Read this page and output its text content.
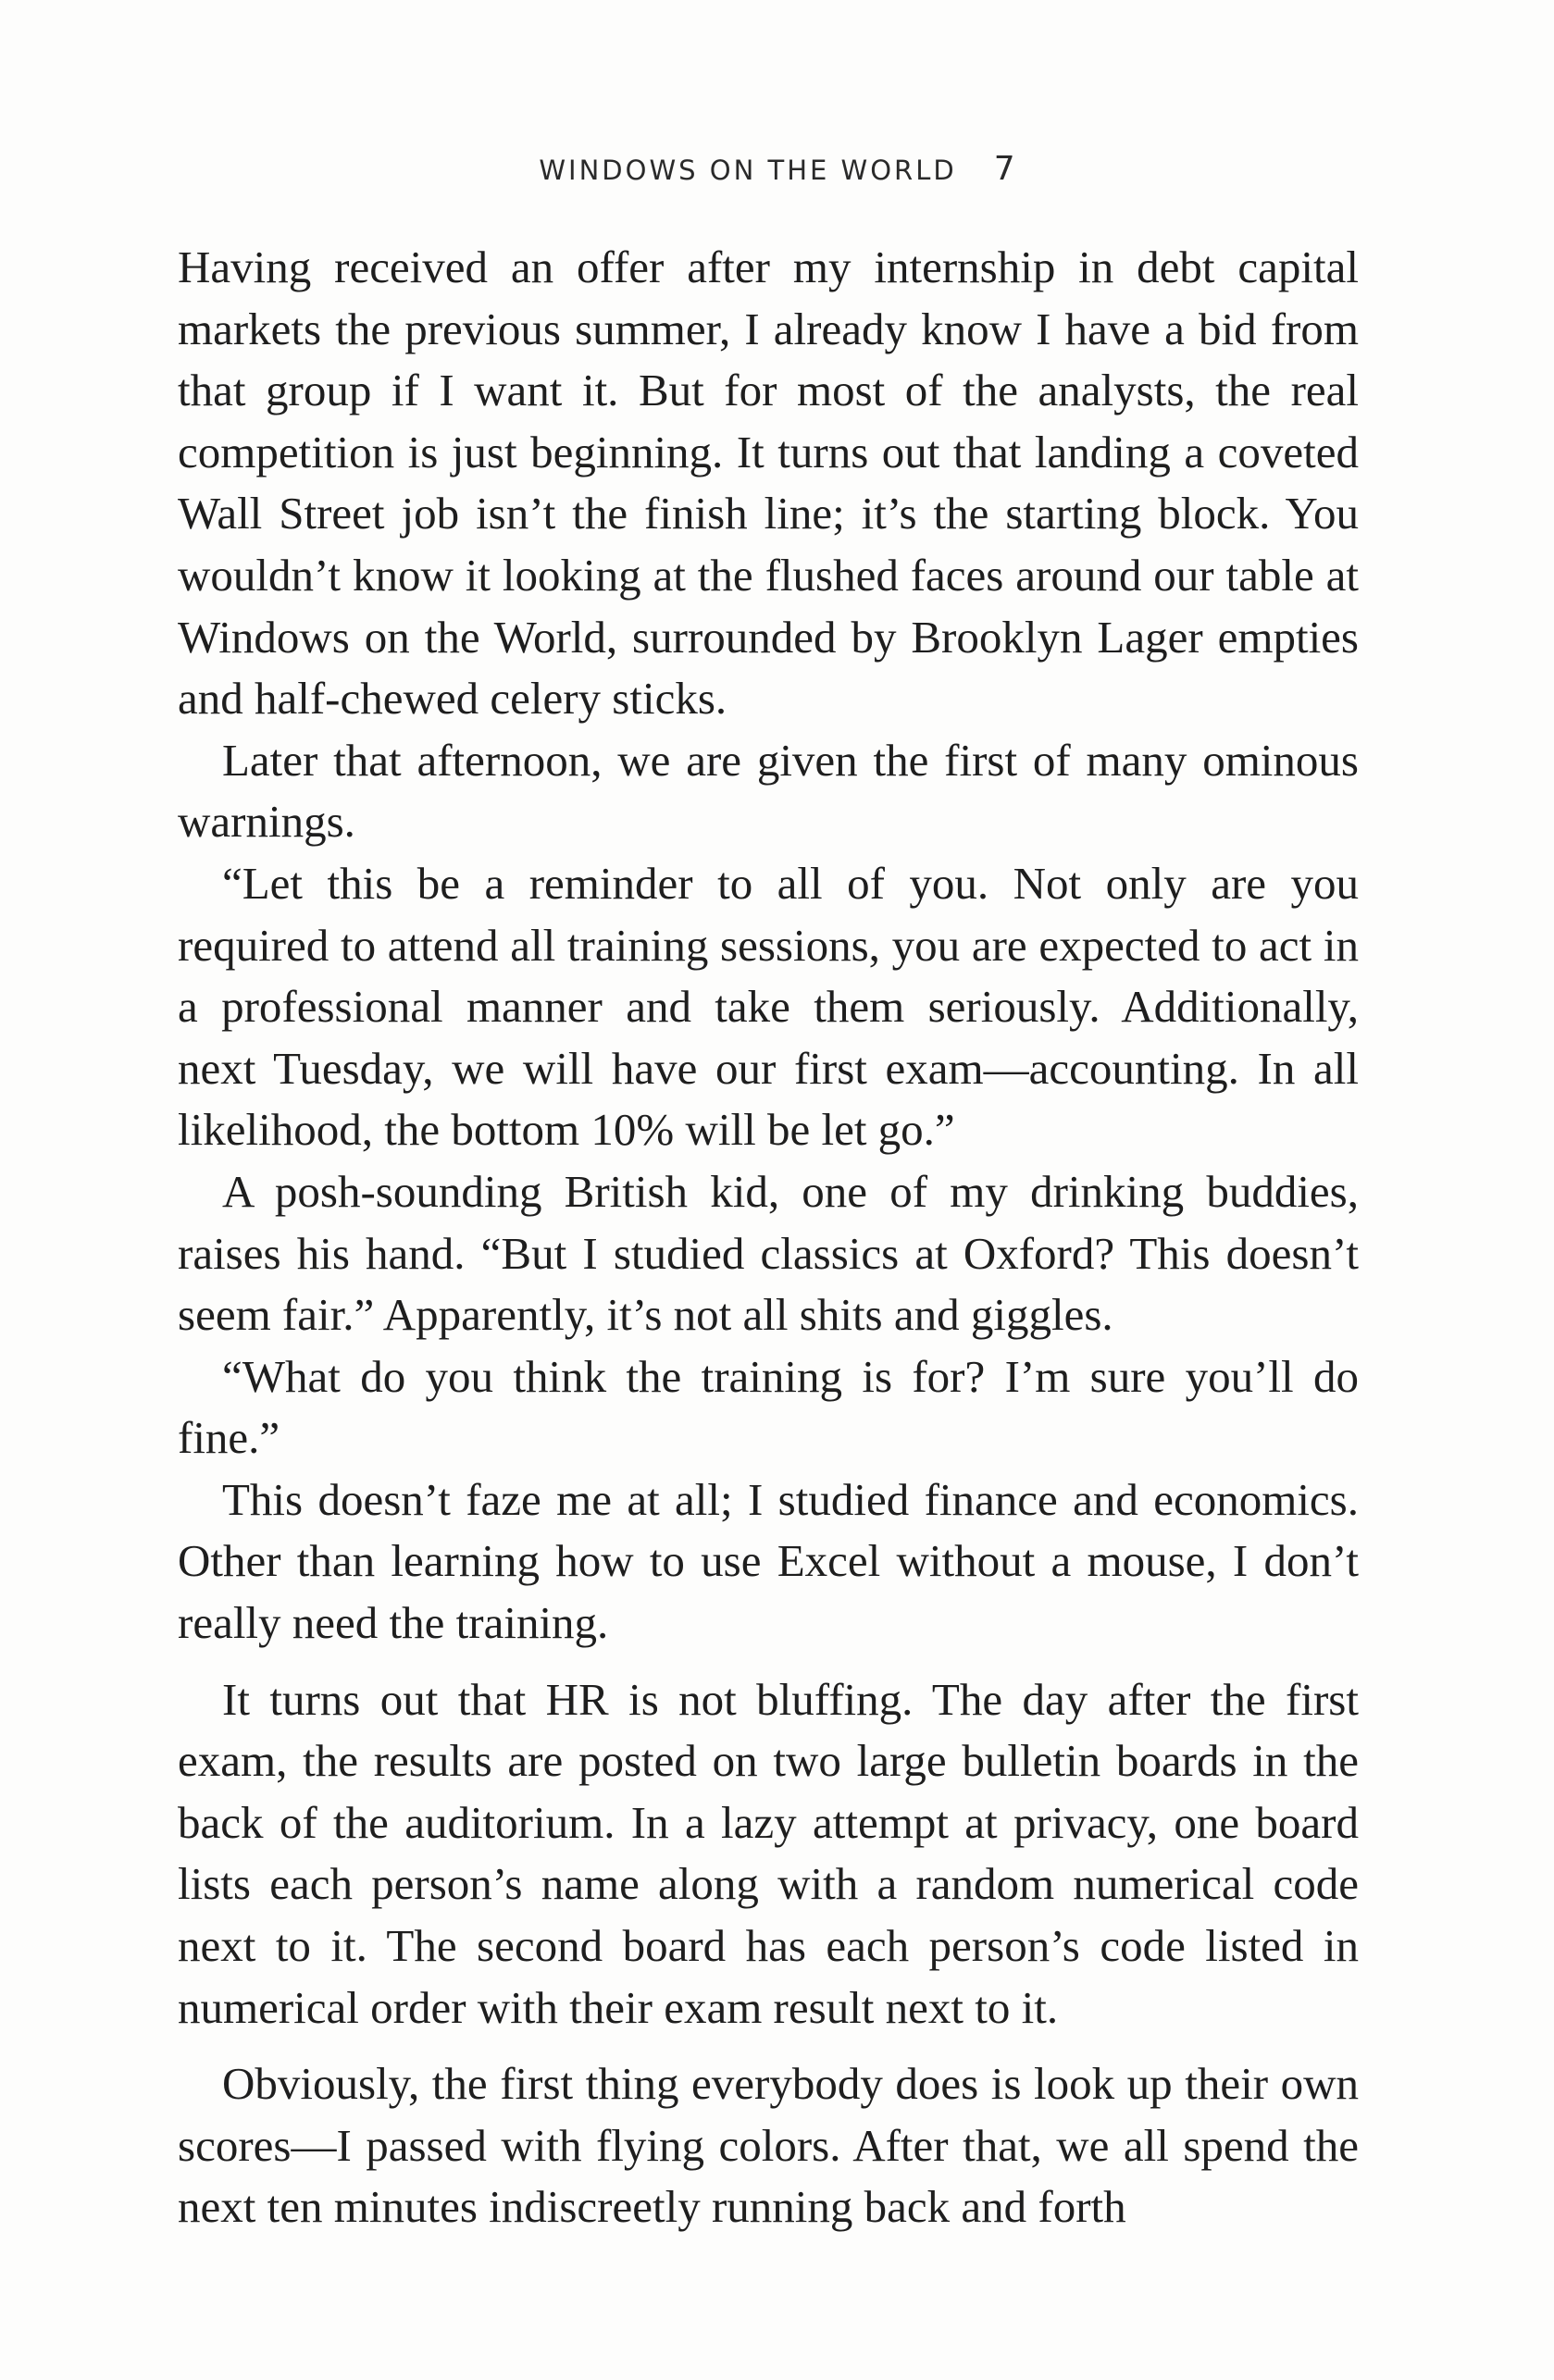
WINDOWS ON THE WORLD 7

Having received an offer after my internship in debt capital markets the previous summer, I already know I have a bid from that group if I want it. But for most of the analysts, the real competition is just beginning. It turns out that landing a coveted Wall Street job isn’t the finish line; it’s the starting block. You wouldn’t know it looking at the flushed faces around our table at Windows on the World, surrounded by Brooklyn Lager empties and half-chewed celery sticks.

Later that afternoon, we are given the first of many ominous warnings.

“Let this be a reminder to all of you. Not only are you required to attend all training sessions, you are expected to act in a professional manner and take them seriously. Additionally, next Tuesday, we will have our first exam—accounting. In all likelihood, the bottom 10% will be let go.”

A posh-sounding British kid, one of my drinking buddies, raises his hand. “But I studied classics at Oxford? This doesn’t seem fair.” Apparently, it’s not all shits and giggles.

“What do you think the training is for? I’m sure you’ll do fine.”

This doesn’t faze me at all; I studied finance and economics. Other than learning how to use Excel without a mouse, I don’t really need the training.

It turns out that HR is not bluffing. The day after the first exam, the results are posted on two large bulletin boards in the back of the auditorium. In a lazy attempt at privacy, one board lists each person’s name along with a random numerical code next to it. The second board has each person’s code listed in numerical order with their exam result next to it.

Obviously, the first thing everybody does is look up their own scores—I passed with flying colors. After that, we all spend the next ten minutes indiscreetly running back and forth
